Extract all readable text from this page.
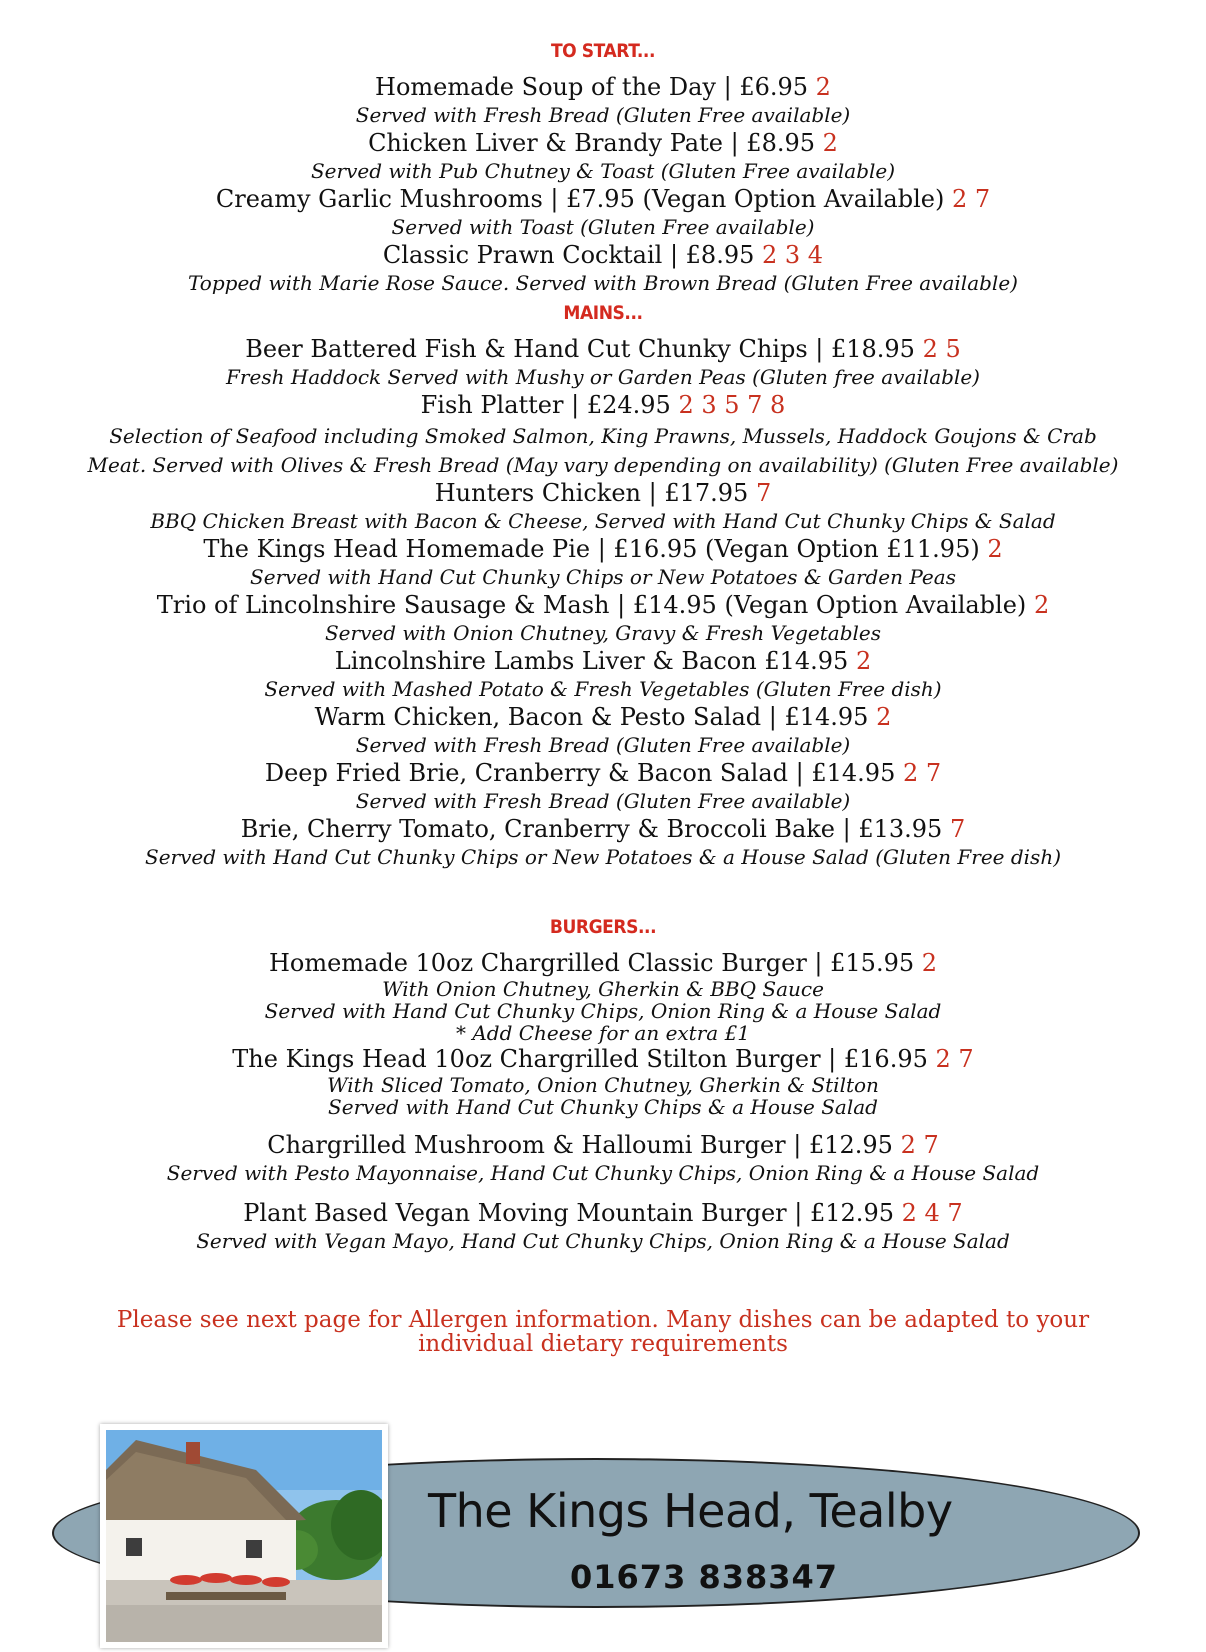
TO START...
Homemade Soup of the Day | £6.95 2
Served with Fresh Bread (Gluten Free available)
Chicken Liver & Brandy Pate | £8.95 2
Served with Pub Chutney & Toast (Gluten Free available)
Creamy Garlic Mushrooms | £7.95 (Vegan Option Available) 2 7
Served with Toast (Gluten Free available)
Classic Prawn Cocktail | £8.95 2 3 4
Topped with Marie Rose Sauce. Served with Brown Bread (Gluten Free available)
MAINS...
Beer Battered Fish & Hand Cut Chunky Chips | £18.95 2 5
Fresh Haddock Served with Mushy or Garden Peas (Gluten free available)
Fish Platter | £24.95 2 3 5 7 8
Selection of Seafood including Smoked Salmon, King Prawns, Mussels, Haddock Goujons & Crab
Meat. Served with Olives & Fresh Bread (May vary depending on availability) (Gluten Free available)
Hunters Chicken | £17.95 7
BBQ Chicken Breast with Bacon & Cheese, Served with Hand Cut Chunky Chips & Salad
The Kings Head Homemade Pie | £16.95 (Vegan Option £11.95) 2
Served with Hand Cut Chunky Chips or New Potatoes & Garden Peas
Trio of Lincolnshire Sausage & Mash | £14.95 (Vegan Option Available) 2
Served with Onion Chutney, Gravy & Fresh Vegetables
Lincolnshire Lambs Liver & Bacon £14.95 2
Served with Mashed Potato & Fresh Vegetables (Gluten Free dish)
Warm Chicken, Bacon & Pesto Salad | £14.95 2
Served with Fresh Bread (Gluten Free available)
Deep Fried Brie, Cranberry & Bacon Salad | £14.95 2 7
Served with Fresh Bread (Gluten Free available)
Brie, Cherry Tomato, Cranberry & Broccoli Bake | £13.95 7
Served with Hand Cut Chunky Chips or New Potatoes & a House Salad (Gluten Free dish)
BURGERS...
Homemade 10oz Chargrilled Classic Burger | £15.95 2
With Onion Chutney, Gherkin & BBQ Sauce
Served with Hand Cut Chunky Chips, Onion Ring & a House Salad
* Add Cheese for an extra £1
The Kings Head 10oz Chargrilled Stilton Burger | £16.95 2 7
With Sliced Tomato, Onion Chutney, Gherkin & Stilton
Served with Hand Cut Chunky Chips & a House Salad
Chargrilled Mushroom & Halloumi Burger | £12.95 2 7
Served with Pesto Mayonnaise, Hand Cut Chunky Chips, Onion Ring & a House Salad
Plant Based Vegan Moving Mountain Burger | £12.95 2 4 7
Served with Vegan Mayo, Hand Cut Chunky Chips, Onion Ring & a House Salad
Please see next page for Allergen information. Many dishes can be adapted to your
individual dietary requirements
The Kings Head, Tealby
01673 838347
